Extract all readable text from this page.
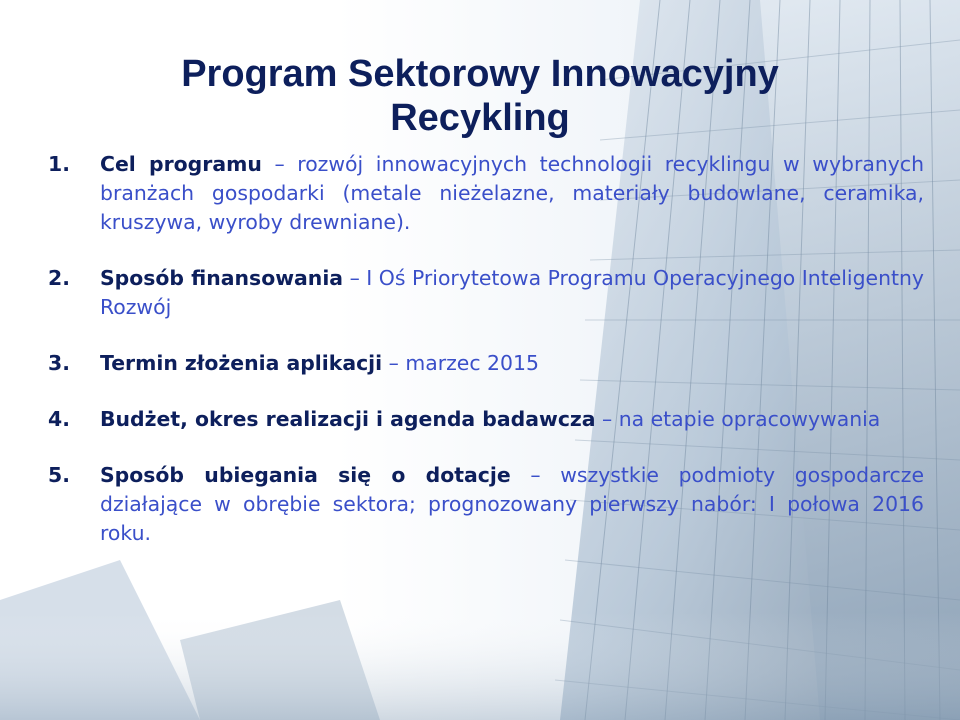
Program Sektorowy Innowacyjny
Recykling
1.	Cel programu – rozwój innowacyjnych technologii recyklingu w wybranych branżach gospodarki (metale nieżelazne, materiały budowlane, ceramika, kruszywa, wyroby drewniane).
2.	Sposób finansowania – I Oś Priorytetowa Programu Operacyjnego Inteligentny Rozwój
3.	Termin złożenia aplikacji – marzec 2015
4.	Budżet, okres realizacji i agenda badawcza – na etapie opracowywania
5.	Sposób ubiegania się o dotacje – wszystkie podmioty gospodarcze działające w obrębie sektora; prognozowany pierwszy nabór: I połowa 2016 roku.
